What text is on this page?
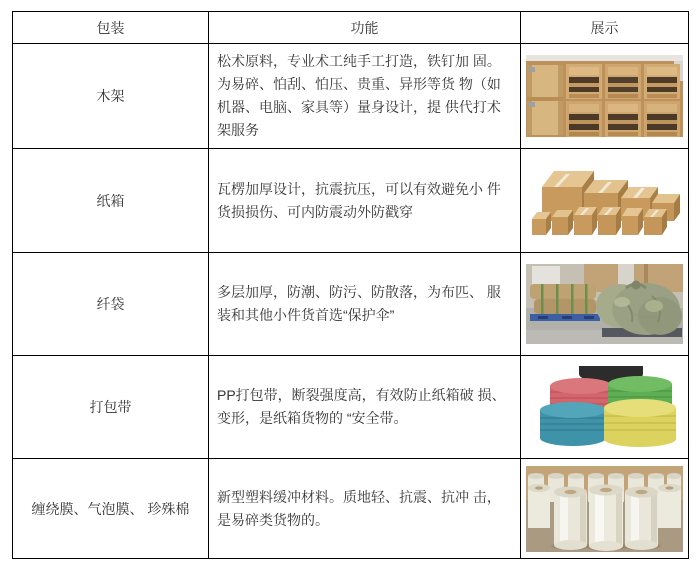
包装	功能	展示
木架	松术原料，专业术工纯手工打造，铁钉加 固。为易碎、怕刮、怕压、贵重、异形等货 物（如机器、电脑、家具等）量身设计，提 供代打术架服务	

纸箱	瓦楞加厚设计，抗震抗压，可以有效避免小 件货损损伤、可内防震动外防戳穿	

纤袋	多层加厚，防潮、防污、防散落，为布匹、 服装和其他小件货首选“保护伞”	

打包带	PP打包带，断裂强度高，有效防止纸箱破 损、变形，是纸箱货物的 “安全带。	

缠绕膜、气泡膜、 珍殊棉	新型塑料缓冲材料。质地轻、抗震、抗冲 击，是易碎类货物的。	
